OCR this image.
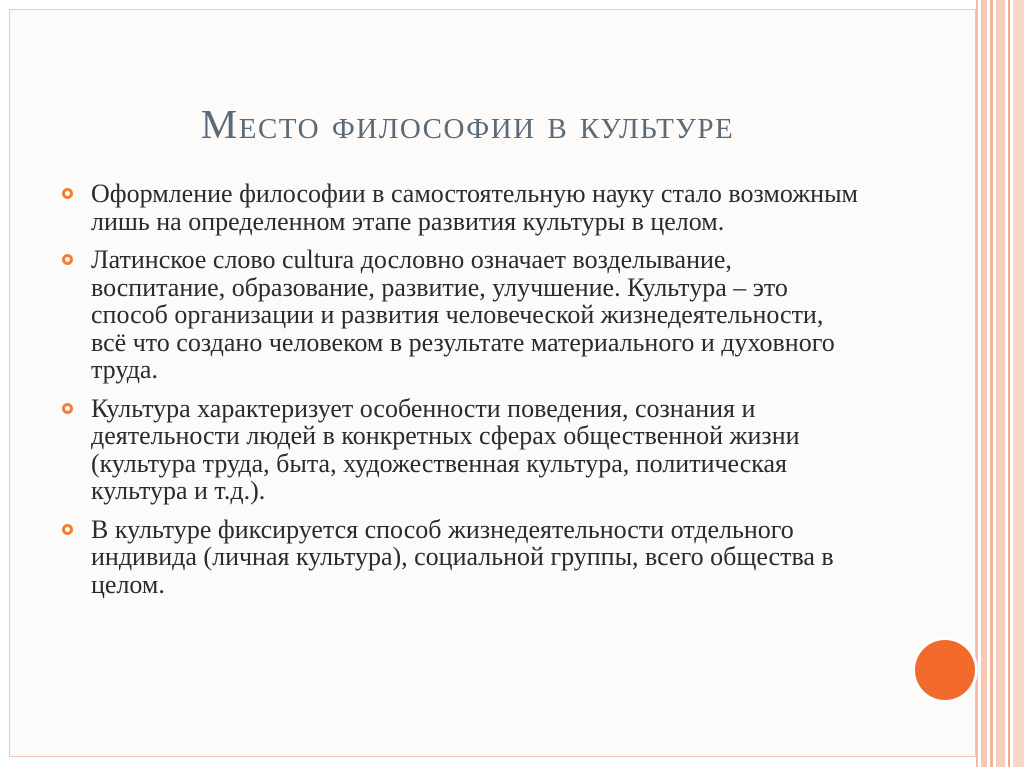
Место философии в культуре
Оформление философии в самостоятельную науку стало возможным лишь на определенном этапе развития культуры в целом.
Латинское слово cultura дословно означает возделывание, воспитание, образование, развитие, улучшение. Культура – это способ организации и развития человеческой жизнедеятельности, всё что создано человеком в результате материального и духовного труда.
Культура характеризует особенности поведения, сознания и деятельности людей в конкретных сферах общественной жизни (культура труда, быта, художественная культура, политическая культура и т.д.).
В культуре фиксируется способ жизнедеятельности отдельного индивида (личная культура), социальной группы, всего общества в целом.
